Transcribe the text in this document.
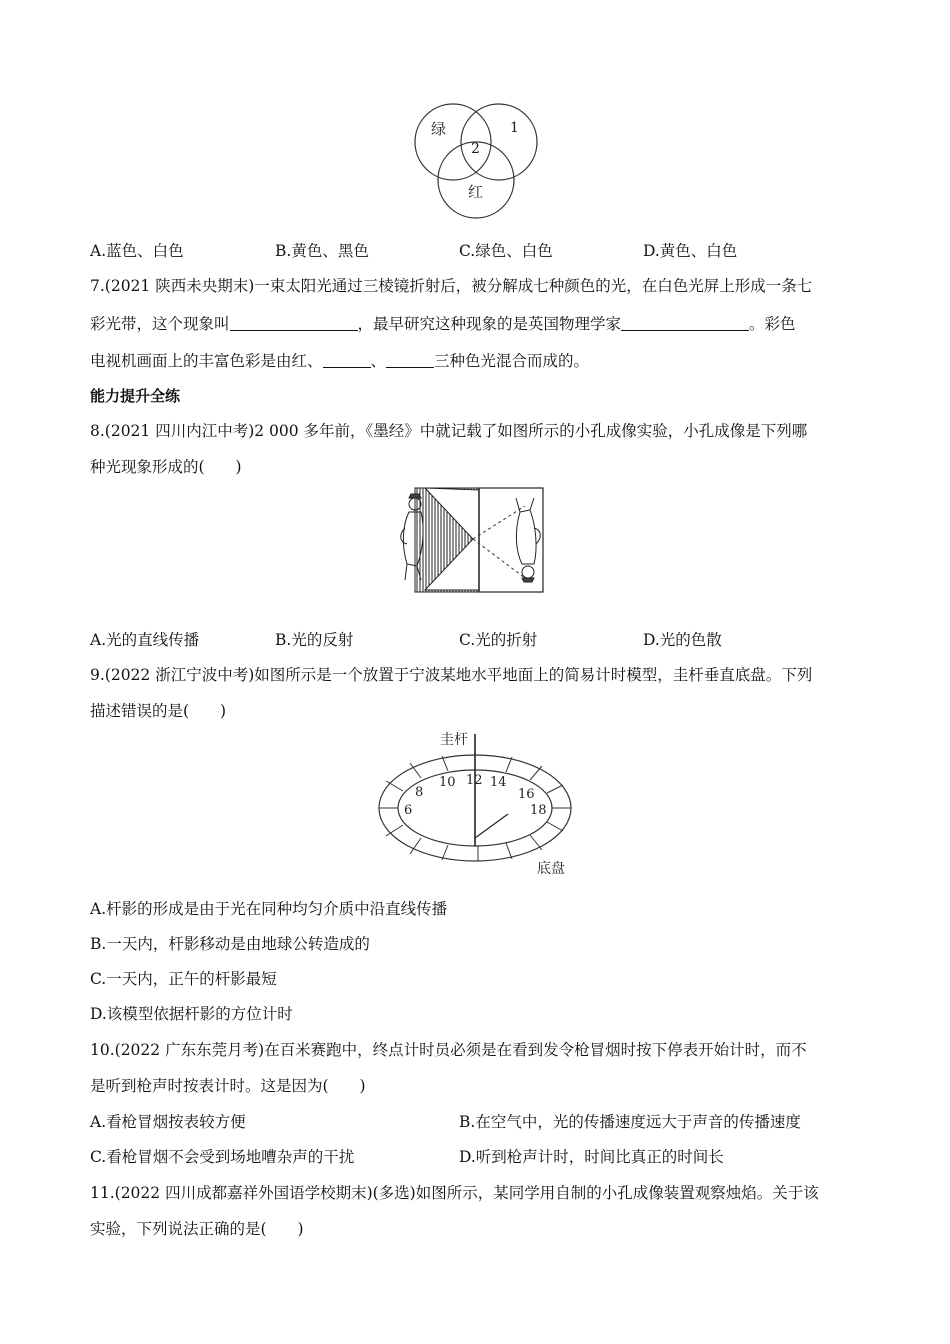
绿	1
2
红
A.蓝色、白色	B.黄色、黑色	C.绿色、白色	D.黄色、白色
7.(2021 陕西未央期末)一束太阳光通过三棱镜折射后，被分解成七种颜色的光，在白色光屏上形成一条七
彩光带，这个现象叫	，最早研究这种现象的是英国物理学家	。彩色
电视机画面上的丰富色彩是由红、	、	三种色光混合而成的。
能力提升全练
8.(2021 四川内江中考)2 000 多年前，《墨经》中就记载了如图所示的小孔成像实验，小孔成像是下列哪
种光现象形成的(　　)
A.光的直线传播	B.光的反射	C.光的折射	D.光的色散
9.(2022 浙江宁波中考)如图所示是一个放置于宁波某地水平地面上的简易计时模型，圭杆垂直底盘。下列
描述错误的是(　　)
圭杆
底盘
6
8
10 12 14
16
18
A.杆影的形成是由于光在同种均匀介质中沿直线传播
B.一天内，杆影移动是由地球公转造成的
C.一天内，正午的杆影最短
D.该模型依据杆影的方位计时
10.(2022 广东东莞月考)在百米赛跑中，终点计时员必须是在看到发令枪冒烟时按下停表开始计时，而不
是听到枪声时按表计时。这是因为(　　)
A.看枪冒烟按表较方便	B.在空气中，光的传播速度远大于声音的传播速度
C.看枪冒烟不会受到场地嘈杂声的干扰	D.听到枪声计时，时间比真正的时间长
11.(2022 四川成都嘉祥外国语学校期末)(多选)如图所示，某同学用自制的小孔成像装置观察烛焰。关于该
实验，下列说法正确的是(　　)
